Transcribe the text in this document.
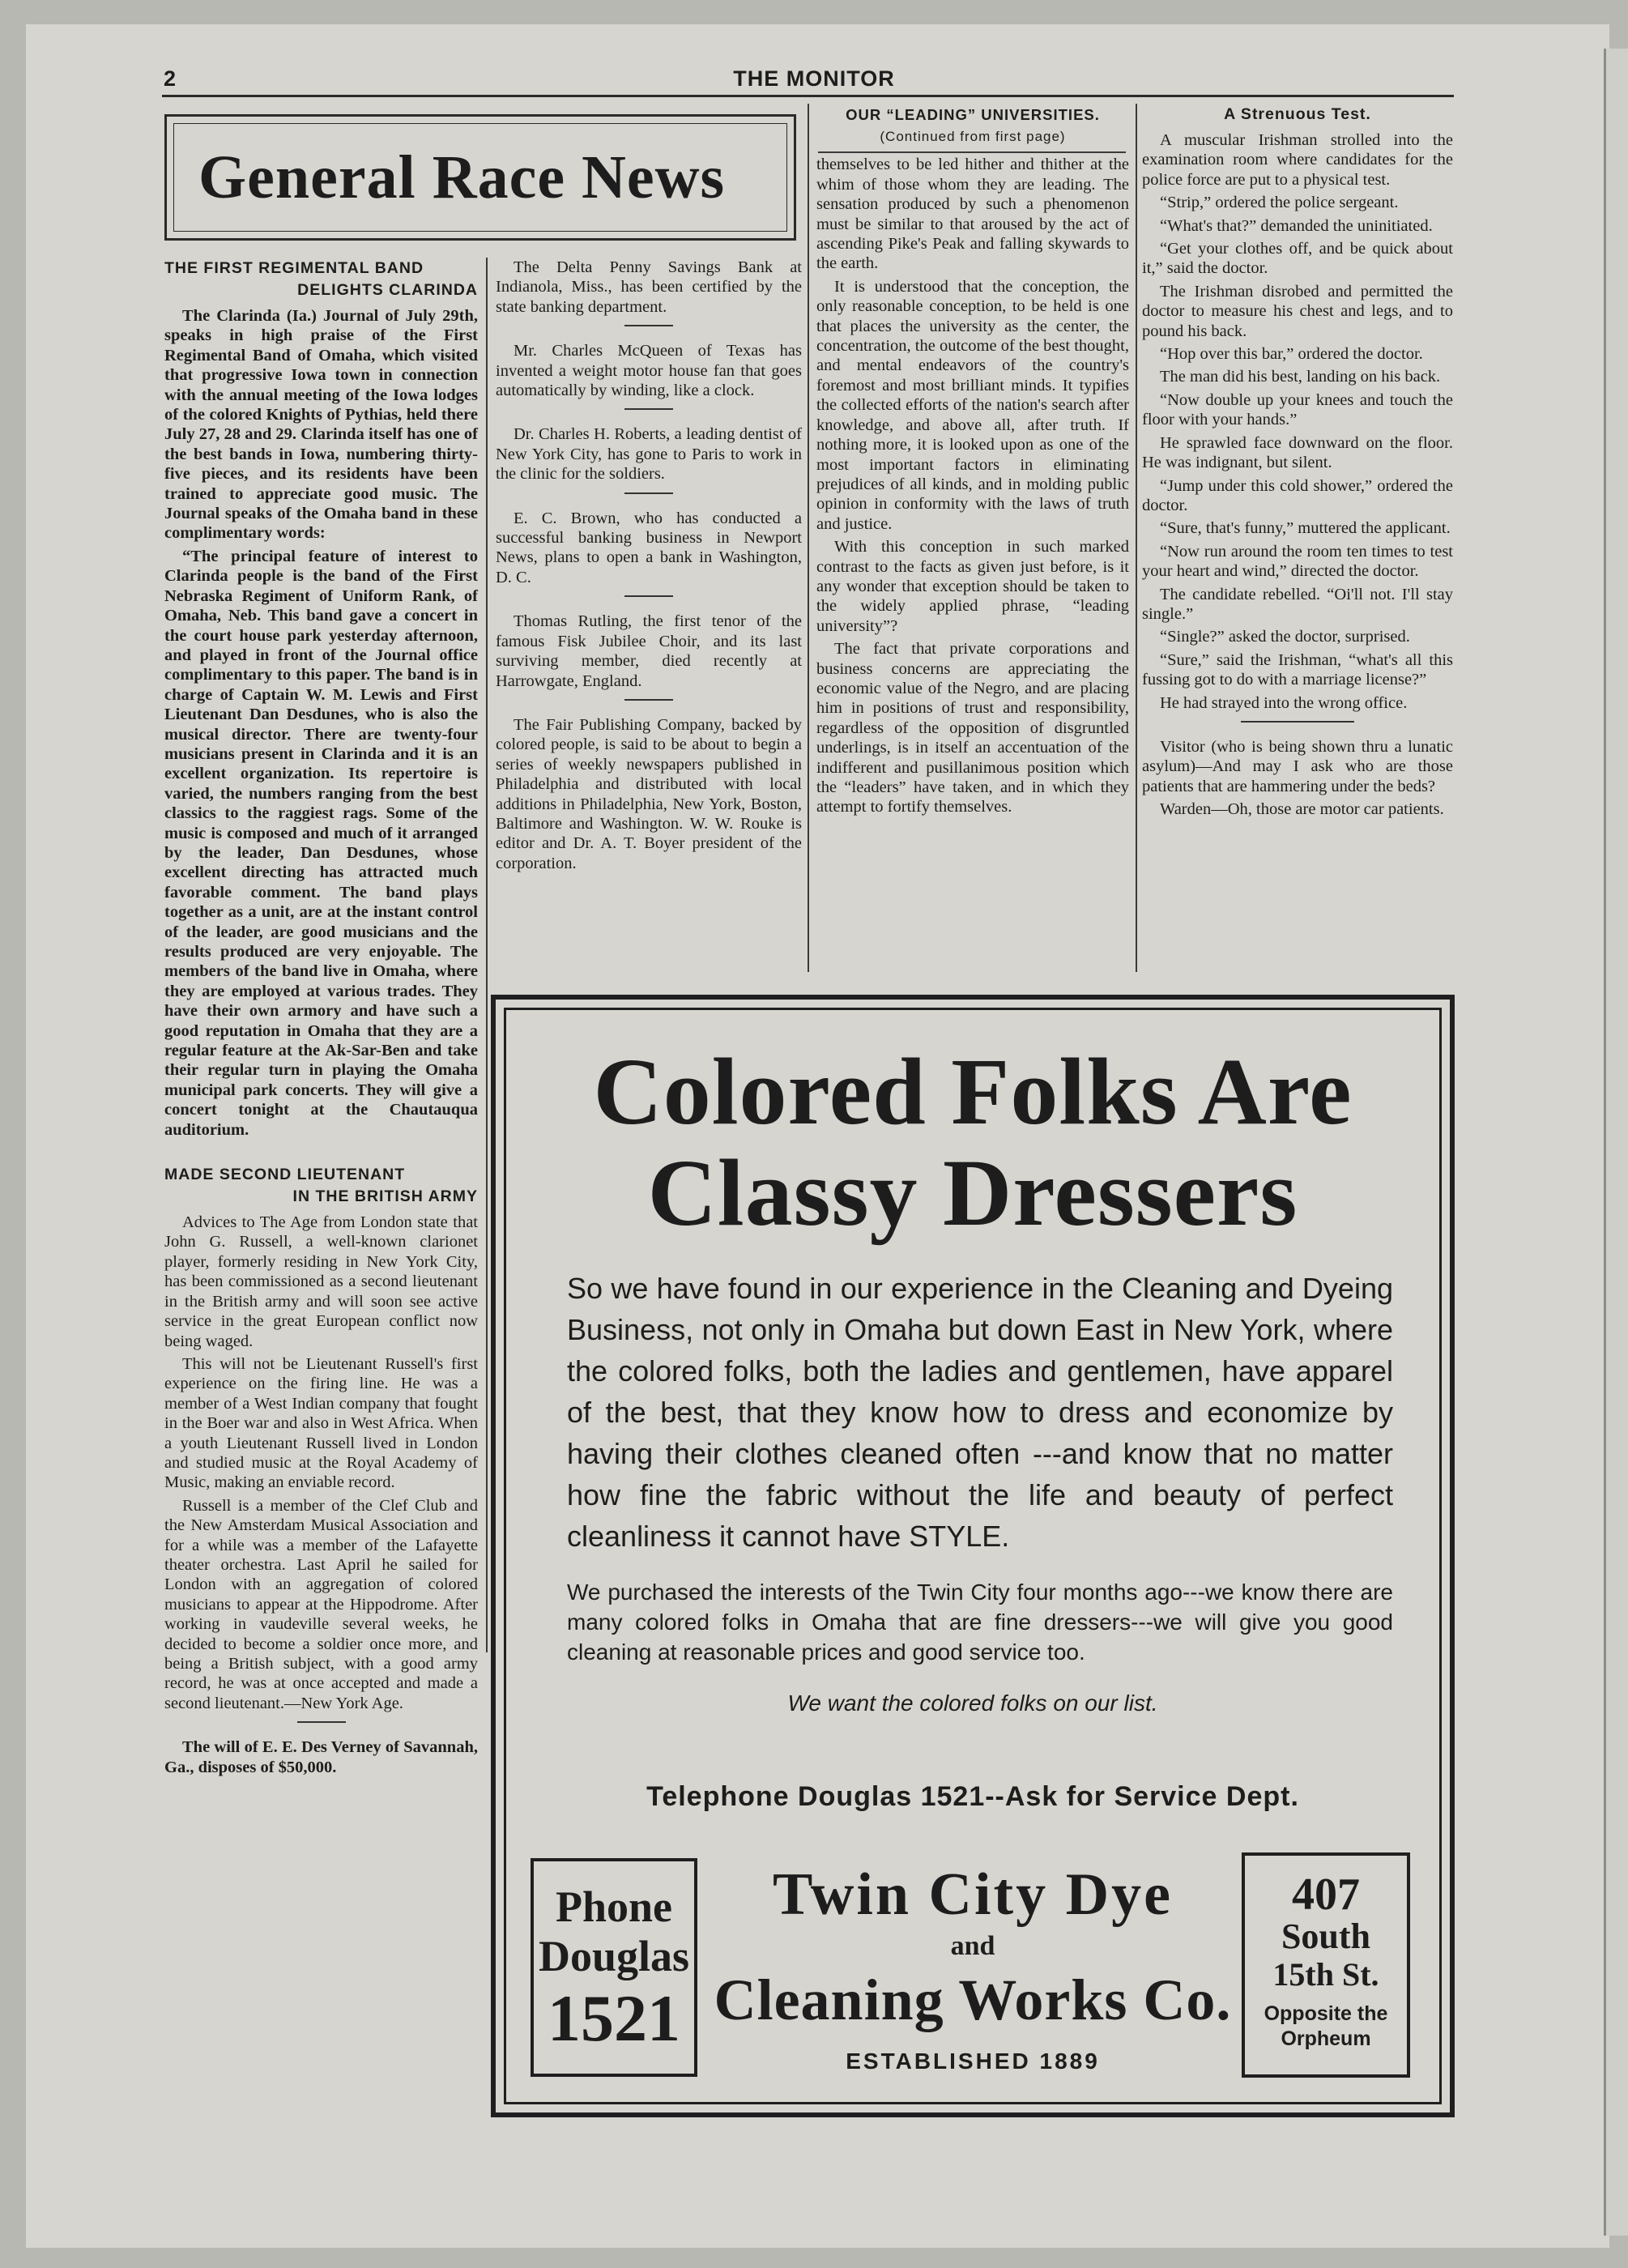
2	THE MONITOR
General Race News
THE FIRST REGIMENTAL BAND
DELIGHTS CLARINDA

The Clarinda (Ia.) Journal of July 29th, speaks in high praise of the First Regimental Band of Omaha, which visited that progressive Iowa town in connection with the annual meeting of the Iowa lodges of the colored Knights of Pythias, held there July 27, 28 and 29. Clarinda itself has one of the best bands in Iowa, numbering thirty-five pieces, and its residents have been trained to appreciate good music. The Journal speaks of the Omaha band in these complimentary words:

“The principal feature of interest to Clarinda people is the band of the First Nebraska Regiment of Uniform Rank, of Omaha, Neb. This band gave a concert in the court house park yesterday afternoon, and played in front of the Journal office complimentary to this paper. The band is in charge of Captain W. M. Lewis and First Lieutenant Dan Desdunes, who is also the musical director. There are twenty-four musicians present in Clarinda and it is an excellent organization. Its repertoire is varied, the numbers ranging from the best classics to the raggiest rags. Some of the music is composed and much of it arranged by the leader, Dan Desdunes, whose excellent directing has attracted much favorable comment. The band plays together as a unit, are at the instant control of the leader, are good musicians and the results produced are very enjoyable. The members of the band live in Omaha, where they are employed at various trades. They have their own armory and have such a good reputation in Omaha that they are a regular feature at the Ak-Sar-Ben and take their regular turn in playing the Omaha municipal park concerts. They will give a concert tonight at the Chautauqua auditorium.

MADE SECOND LIEUTENANT
IN THE BRITISH ARMY

Advices to The Age from London state that John G. Russell, a well-known clarionet player, formerly residing in New York City, has been commissioned as a second lieutenant in the British army and will soon see active service in the great European conflict now being waged.

This will not be Lieutenant Russell's first experience on the firing line. He was a member of a West Indian company that fought in the Boer war and also in West Africa. When a youth Lieutenant Russell lived in London and studied music at the Royal Academy of Music, making an enviable record.

Russell is a member of the Clef Club and the New Amsterdam Musical Association and for a while was a member of the Lafayette theater orchestra. Last April he sailed for London with an aggregation of colored musicians to appear at the Hippodrome. After working in vaudeville several weeks, he decided to become a soldier once more, and being a British subject, with a good army record, he was at once accepted and made a second lieutenant.—New York Age.

The will of E. E. Des Verney of Savannah, Ga., disposes of $50,000.

The Delta Penny Savings Bank at Indianola, Miss., has been certified by the state banking department.

Mr. Charles McQueen of Texas has invented a weight motor house fan that goes automatically by winding, like a clock.

Dr. Charles H. Roberts, a leading dentist of New York City, has gone to Paris to work in the clinic for the soldiers.

E. C. Brown, who has conducted a successful banking business in Newport News, plans to open a bank in Washington, D. C.

Thomas Rutling, the first tenor of the famous Fisk Jubilee Choir, and its last surviving member, died recently at Harrowgate, England.

The Fair Publishing Company, backed by colored people, is said to be about to begin a series of weekly newspapers published in Philadelphia and distributed with local additions in Philadelphia, New York, Boston, Baltimore and Washington. W. W. Rouke is editor and Dr. A. T. Boyer president of the corporation.

OUR “LEADING” UNIVERSITIES.
(Continued from first page)

themselves to be led hither and thither at the whim of those whom they are leading. The sensation produced by such a phenomenon must be similar to that aroused by the act of ascending Pike's Peak and falling skywards to the earth.

It is understood that the conception, the only reasonable conception, to be held is one that places the university as the center, the concentration, the outcome of the best thought, and mental endeavors of the country's foremost and most brilliant minds. It typifies the collected efforts of the nation's search after knowledge, and above all, after truth. If nothing more, it is looked upon as one of the most important factors in eliminating prejudices of all kinds, and in molding public opinion in conformity with the laws of truth and justice.

With this conception in such marked contrast to the facts as given just before, is it any wonder that exception should be taken to the widely applied phrase, “leading university”?

The fact that private corporations and business concerns are appreciating the economic value of the Negro, and are placing him in positions of trust and responsibility, regardless of the opposition of disgruntled underlings, is in itself an accentuation of the indifferent and pusillanimous position which the “leaders” have taken, and in which they attempt to fortify themselves.

A Strenuous Test.

A muscular Irishman strolled into the examination room where candidates for the police force are put to a physical test.

“Strip,” ordered the police sergeant.

“What's that?” demanded the uninitiated.

“Get your clothes off, and be quick about it,” said the doctor.

The Irishman disrobed and permitted the doctor to measure his chest and legs, and to pound his back.

“Hop over this bar,” ordered the doctor.

The man did his best, landing on his back.

“Now double up your knees and touch the floor with your hands.”

He sprawled face downward on the floor. He was indignant, but silent.

“Jump under this cold shower,” ordered the doctor.

“Sure, that's funny,” muttered the applicant.

“Now run around the room ten times to test your heart and wind,” directed the doctor.

The candidate rebelled. “Oi'll not. I'll stay single.”

“Single?” asked the doctor, surprised.

“Sure,” said the Irishman, “what's all this fussing got to do with a marriage license?”

He had strayed into the wrong office.

Visitor (who is being shown thru a lunatic asylum)—And may I ask who are those patients that are hammering under the beds?

Warden—Oh, those are motor car patients.

Colored Folks Are
Classy Dressers
So we have found in our experience in the Cleaning and Dyeing Business, not only in Omaha but down East in New York, where the colored folks, both the ladies and gentlemen, have apparel of the best, that they know how to dress and economize by having their clothes cleaned often ---and know that no matter how fine the fabric without the life and beauty of perfect cleanliness it cannot have STYLE.
We purchased the interests of the Twin City four months ago---we know there are many colored folks in Omaha that are fine dressers---we will give you good cleaning at reasonable prices and good service too.
We want the colored folks on our list.
Telephone Douglas 1521--Ask for Service Dept.
Phone
Douglas
1521
Twin City Dye
and
Cleaning Works Co.
ESTABLISHED 1889
407
South
15th St.
Opposite the
Orpheum
